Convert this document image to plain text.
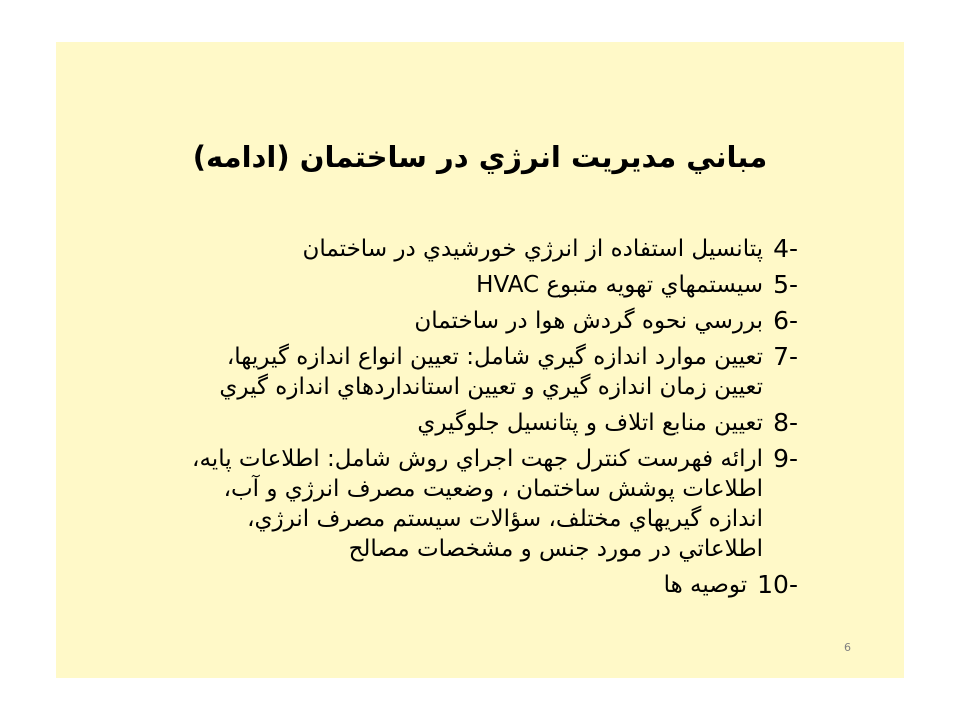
مباني مديريت انرژي در ساختمان (ادامه)
4-
پتانسيل استفاده از انرژي خورشيدي در ساختمان
5-
سيستمهاي تهويه متبوع HVAC
6-
بررسي نحوه گردش هوا در ساختمان
7-
تعيين موارد اندازه گيري شامل: تعيين انواع اندازه گيريها، تعيين زمان اندازه گيري و تعيين استانداردهاي اندازه گيري
8-
تعيين منابع اتلاف و پتانسيل جلوگيري
9-
ارائه فهرست كنترل جهت اجراي روش شامل: اطلاعات پايه، اطلاعات پوشش ساختمان ، وضعيت مصرف انرژي و آب، اندازه گيريهاي مختلف، سؤالات سيستم مصرف انرژي، اطلاعاتي در مورد جنس و مشخصات مصالح
10-
توصيه ها
6
